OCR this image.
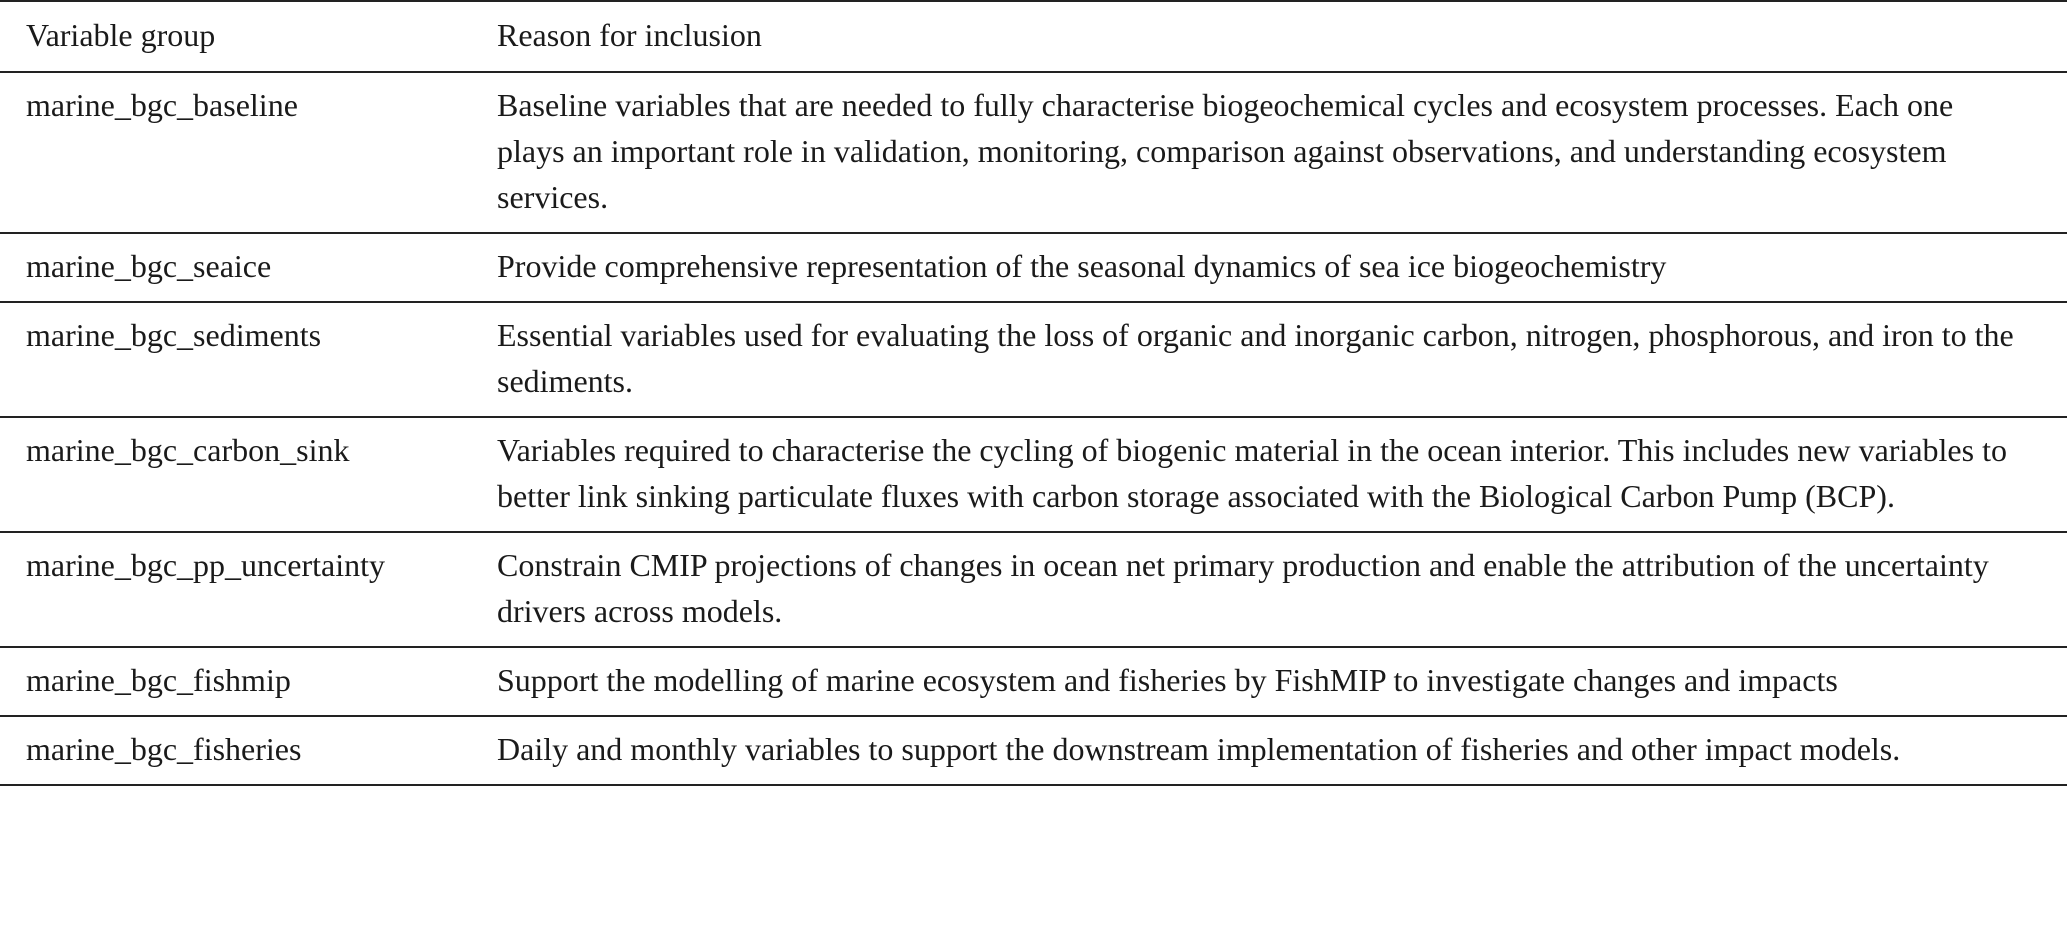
Variable group	Reason for inclusion
marine_bgc_baseline	Baseline variables that are needed to fully characterise biogeochemical cycles and ecosystem processes. Each one plays an important role in validation, monitoring, comparison against observations, and understanding ecosystem services.
marine_bgc_seaice	Provide comprehensive representation of the seasonal dynamics of sea ice biogeochemistry
marine_bgc_sediments	Essential variables used for evaluating the loss of organic and inorganic carbon, nitrogen, phosphorous, and iron to the sediments.
marine_bgc_carbon_sink	Variables required to characterise the cycling of biogenic material in the ocean interior. This includes new variables to better link sinking particulate fluxes with carbon storage associated with the Biological Carbon Pump (BCP).
marine_bgc_pp_uncertainty	Constrain CMIP projections of changes in ocean net primary production and enable the attribution of the uncertainty drivers across models.
marine_bgc_fishmip	Support the modelling of marine ecosystem and fisheries by FishMIP to investigate changes and impacts
marine_bgc_fisheries	Daily and monthly variables to support the downstream implementation of fisheries and other impact models.
